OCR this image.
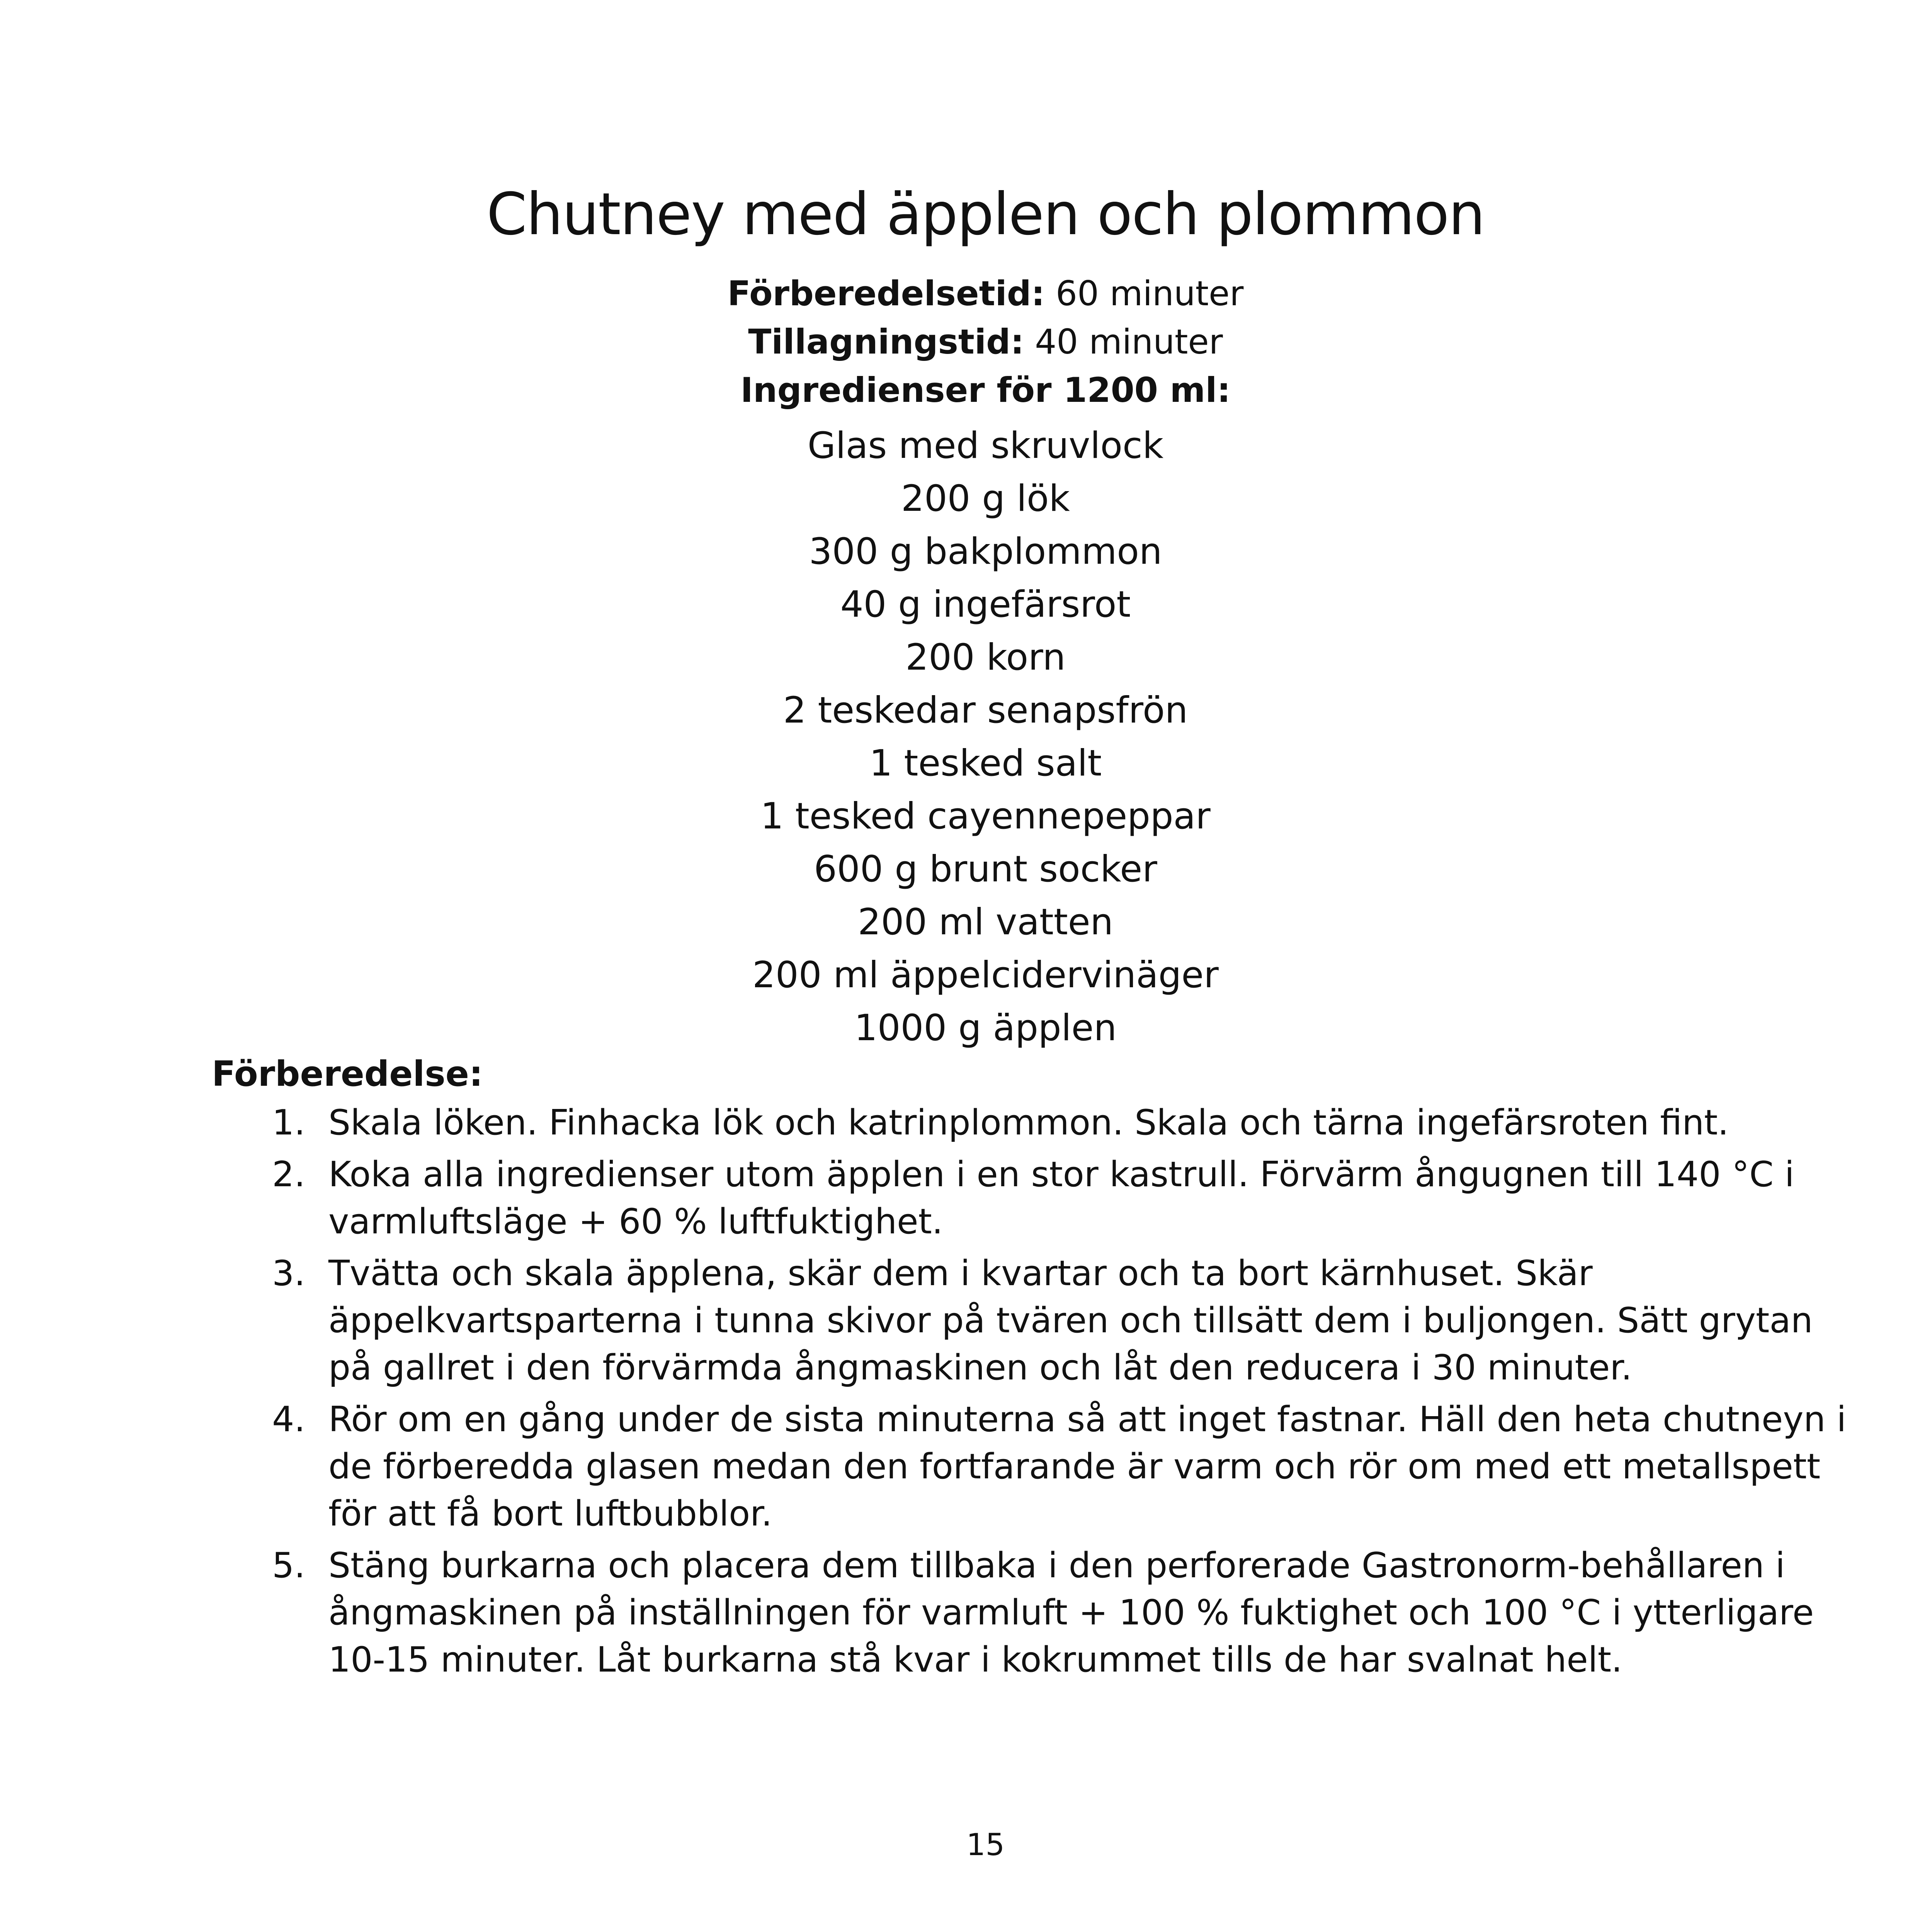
Chutney med äpplen och plommon
Förberedelsetid: 60 minuter
Tillagningstid: 40 minuter
Ingredienser för 1200 ml:
Glas med skruvlock
200 g lök
300 g bakplommon
40 g ingefärsrot
200 korn
2 teskedar senapsfrön
1 tesked salt
1 tesked cayennepeppar
600 g brunt socker
200 ml vatten
200 ml äppelcidervinäger
1000 g äpplen
Förberedelse:
1. Skala löken. Finhacka lök och katrinplommon. Skala och tärna ingefärsroten fint.
2. Koka alla ingredienser utom äpplen i en stor kastrull. Förvärm ångugnen till 140 °C i varmluftsläge + 60 % luftfuktighet.
3. Tvätta och skala äpplena, skär dem i kvartar och ta bort kärnhuset. Skär äppelkvartsparterna i tunna skivor på tvären och tillsätt dem i buljongen. Sätt grytan på gallret i den förvärmda ångmaskinen och låt den reducera i 30 minuter.
4. Rör om en gång under de sista minuterna så att inget fastnar. Häll den heta chutneyn i de förberedda glasen medan den fortfarande är varm och rör om med ett metallspett för att få bort luftbubblor.
5. Stäng burkarna och placera dem tillbaka i den perforerade Gastronorm-behållaren i ångmaskinen på inställningen för varmluft + 100 % fuktighet och 100 °C i ytterligare 10-15 minuter. Låt burkarna stå kvar i kokrummet tills de har svalnat helt.
15
